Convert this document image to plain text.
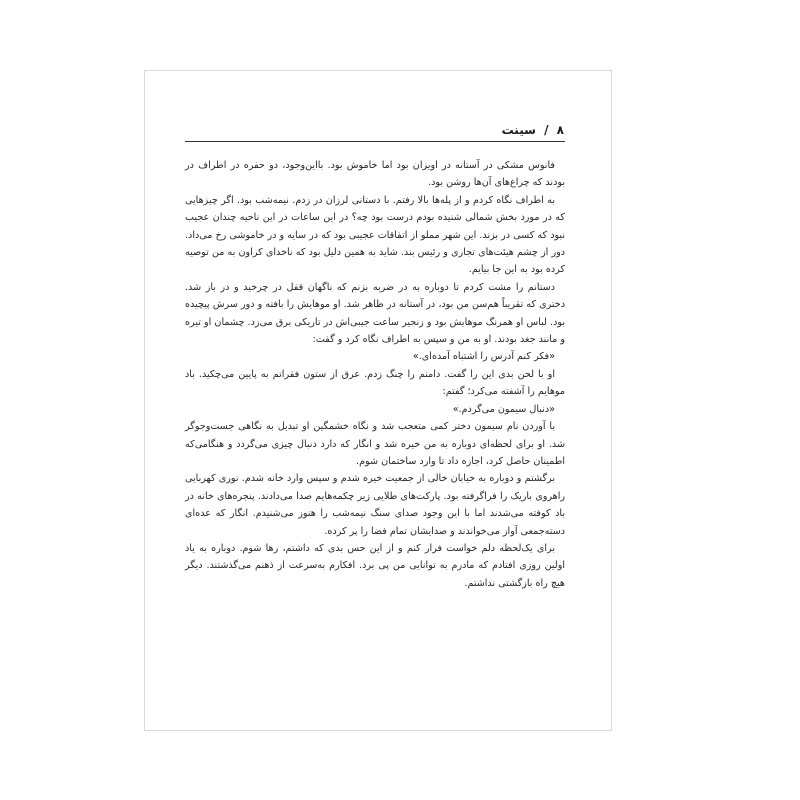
۸ / سینت

فانوس مشکی در آستانه در اویزان بود اما خاموش بود. بااین‌وجود، دو حفره در اطراف در بودند که چراغ‌های آن‌ها روشن بود.

به اطراف نگاه کردم و از پله‌ها بالا رفتم. با دستانی لرزان در زدم. نیمه‌شب بود. اگر چیزهایی که در مورد بخش شمالی شنیده بودم درست بود چه؟ در این ساعات در این ناحیه چندان عجیب نبود که کسی در بزند. این شهر مملو از اتفاقات عجیبی بود که در سایه و در خاموشی رخ می‌داد. دور از چشم هیئت‌های تجاری و رئیس بند. شاید به همین دلیل بود که ناخدای کراون به من توصیه کرده بود به این جا بیایم.

دستانم را مشت کردم تا دوباره به در ضربه بزنم که ناگهان قفل در چرخید و در باز شد. دختری که تقریباً هم‌سن من بود، در آستانه در ظاهر شد. او موهایش را بافته و دور سرش پیچیده بود. لباس او همرنگ موهایش بود و زنجیر ساعت جیبی‌اش در تاریکی برق می‌زد. چشمان او تیره و مانند جغد بودند. او به من و سپس به اطراف نگاه کرد و گفت:

«فکر کنم آدرس را اشتباه آمده‌ای.»

او با لحن بدی این را گفت. دامنم را چنگ زدم. عرق از ستون فقراتم به پایین می‌چکید. باد موهایم را آشفته می‌کرد؛ گفتم:

«دنبال سیمون می‌گردم.»

با آوردن نام سیمون دختر کمی متعجب شد و نگاه خشمگین او تبدیل به نگاهی جست‌وجوگر شد. او برای لحظه‌ای دوباره به من خیره شد و انگار که دارد دنبال چیزی می‌گردد و هنگامی‌که اطمینان حاصل کرد، اجازه داد تا وارد ساختمان شوم.

برگشتم و دوباره به خیابان خالی از جمعیت خیره شدم و سپس وارد خانه شدم. نوری کهربایی راهروی باریک را فراگرفته بود. پارکت‌های طلایی زیر چکمه‌هایم صدا می‌دادند. پنجره‌های خانه در باد کوفته می‌شدند اما با این وجود صدای سنگ نیمه‌شب را هنوز می‌شنیدم. انگار که عده‌ای دسته‌جمعی آواز می‌خواندند و صدایشان تمام فضا را پر کرده.

برای یک‌لحظه دلم خواست فرار کنم و از این حس بدی که داشتم، رها شوم. دوباره به یاد اولین روزی افتادم که مادرم به توانایی من پی برد. افکارم به‌سرعت از ذهنم می‌گذشتند. دیگر هیچ راه بازگشتی نداشتم.
